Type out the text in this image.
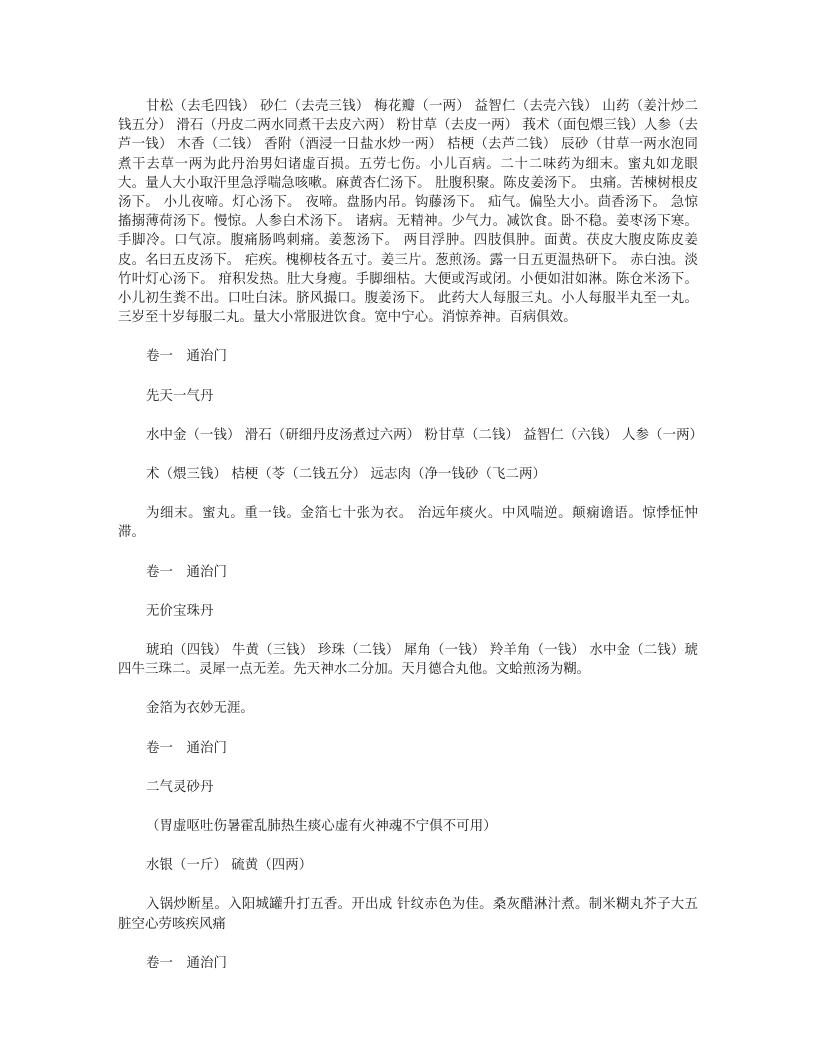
甘松（去毛四钱） 砂仁（去壳三钱） 梅花瓣（一两） 益智仁（去壳六钱） 山药（姜汁炒二钱五分） 滑石（丹皮二两水同煮干去皮六两） 粉甘草（去皮一两） 莪术（面包煨三钱）人参（去芦一钱） 木香（二钱） 香附（酒浸一日盐水炒一两） 桔梗（去芦二钱） 辰砂（甘草一两水泡同煮干去草一两为此丹治男妇诸虚百损。五劳七伤。小儿百病。二十二味药为细末。蜜丸如龙眼大。量人大小取汗里急浮喘急咳嗽。麻黄杏仁汤下。 肚腹积聚。陈皮姜汤下。 虫痛。苦楝树根皮汤下。 小儿夜啼。灯心汤下。 夜啼。盘肠内吊。钩藤汤下。 疝气。偏坠大小。茴香汤下。 急惊搐搦薄荷汤下。慢惊。人参白术汤下。 诸病。无精神。少气力。减饮食。卧不稳。姜枣汤下寒。手脚冷。口气凉。腹痛肠鸣刺痛。姜葱汤下。 两目浮肿。四肢俱肿。面黄。茯皮大腹皮陈皮姜皮。名曰五皮汤下。 疟疾。槐柳枝各五寸。姜三片。葱煎汤。露一日五更温热研下。 赤白浊。淡竹叶灯心汤下。 疳积发热。肚大身瘦。手脚细枯。大便或泻或闭。小便如泔如淋。陈仓米汤下。 小儿初生粪不出。口吐白沫。脐风撮口。腹姜汤下。 此药大人每服三丸。小人每服半丸至一丸。三岁至十岁每服二丸。量大小常服进饮食。宽中宁心。消惊养神。百病俱效。

卷一　通治门

先天一气丹

水中金（一钱） 滑石（研细丹皮汤煮过六两） 粉甘草（二钱） 益智仁（六钱） 人参（一两）

术（煨三钱） 桔梗（苓（二钱五分） 远志肉（净一钱砂（飞二两）

为细末。蜜丸。重一钱。金箔七十张为衣。 治远年痰火。中风喘逆。颠痫谵语。惊悸怔忡滞。

卷一　通治门

无价宝珠丹

琥珀（四钱） 牛黄（三钱） 珍珠（二钱） 犀角（一钱） 羚羊角（一钱） 水中金（二钱）琥四牛三珠二。灵犀一点无差。先天神水二分加。天月德合丸他。文蛤煎汤为糊。

金箔为衣妙无涯。

卷一　通治门

二气灵砂丹

（胃虚呕吐伤暑霍乱肺热生痰心虚有火神魂不宁俱不可用）

水银（一斤） 硫黄（四两）

入锅炒断星。入阳城罐升打五香。开出成 针纹赤色为佳。桑灰醋淋汁煮。制米糊丸芥子大五脏空心劳咳疾风痛

卷一　通治门
